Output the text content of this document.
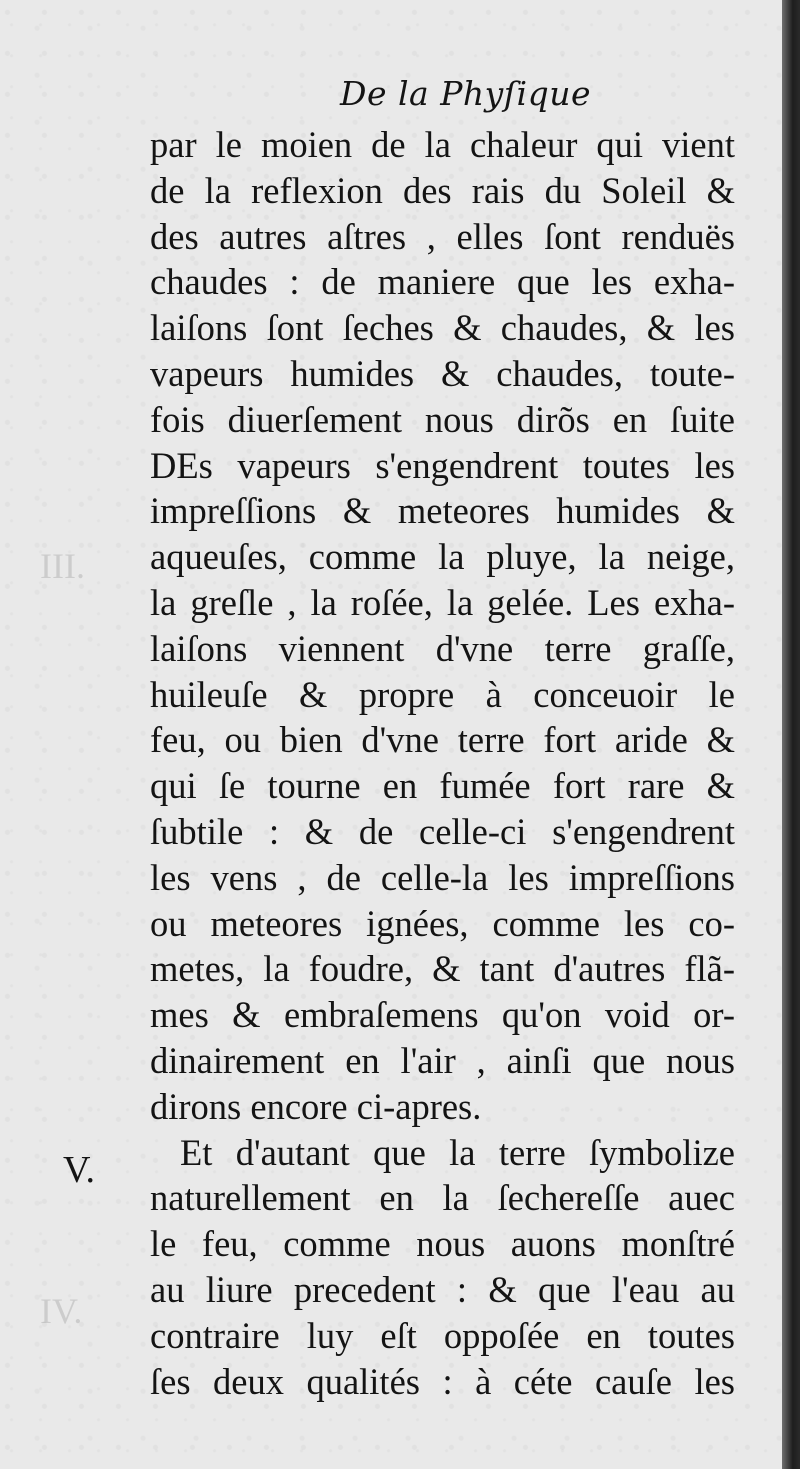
III.
IV.
De la Phyſique
par le moien de la chaleur qui vient
de la reflexion des rais du Soleil &
des autres aſtres , elles ſont renduës
chaudes : de maniere que les exha-
laiſons ſont ſeches & chaudes, & les
vapeurs humides & chaudes, toute-
fois diuerſement nous dirõs en ſuite
DEs vapeurs s'engendrent toutes les
impreſſions & meteores humides &
aqueuſes, comme la pluye, la neige,
la greſle , la roſée, la gelée. Les exha-
laiſons viennent d'vne terre graſſe,
huileuſe & propre à conceuoir le
feu, ou bien d'vne terre fort aride &
qui ſe tourne en fumée fort rare &
ſubtile : & de celle-ci s'engendrent
les vens , de celle-la les impreſſions
ou meteores ignées, comme les co-
metes, la foudre, & tant d'autres flã-
mes & embraſemens qu'on void or-
dinairement en l'air , ainſi que nous
dirons encore ci-apres.
Et d'autant que la terre ſymbolize
naturellement en la ſechereſſe auec
le feu, comme nous auons monſtré
au liure precedent : & que l'eau au
contraire luy eſt oppoſée en toutes
ſes deux qualités : à céte cauſe les
V.
